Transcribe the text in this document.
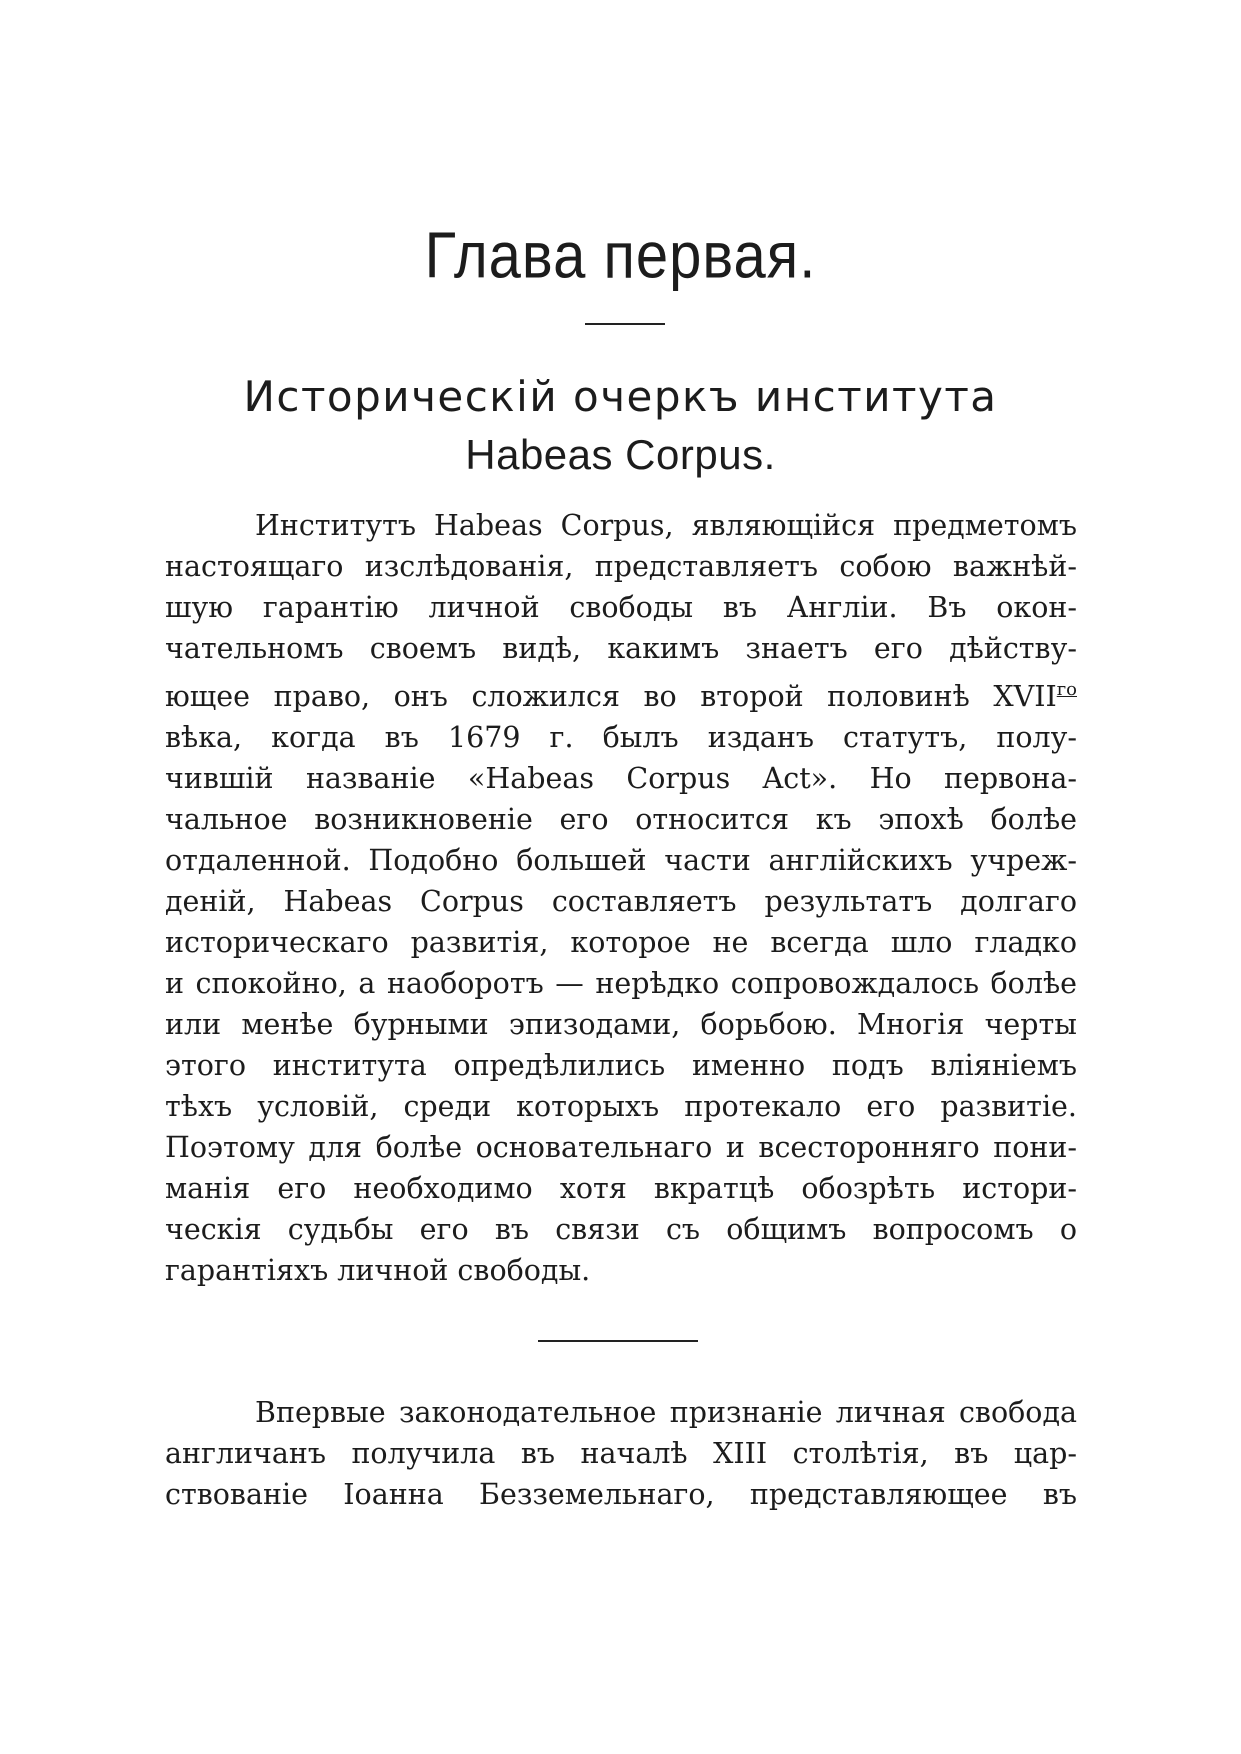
Глава первая.
Историческій очеркъ института
Habeas Corpus.
Институтъ Habeas Corpus, являющійся предметомъ
настоящаго изслѣдованія, представляетъ собою важнѣй-
шую гарантію личной свободы въ Англіи. Въ окон-
чательномъ своемъ видѣ, какимъ знаетъ его дѣйству-
ющее право, онъ сложился во второй половинѣ $XVII^{го}$
вѣка, когда въ 1679 г. былъ изданъ статутъ, полу-
чившій названіе «Habeas Corpus Act». Но первона-
чальное возникновеніе его относится къ эпохѣ болѣе
отдаленной. Подобно большей части англійскихъ учреж-
деній, Habeas Corpus составляетъ результатъ долгаго
историческаго развитія, которое не всегда шло гладко
и спокойно, а наоборотъ — нерѣдко сопровождалось болѣе
или менѣе бурными эпизодами, борьбою. Многія черты
этого института опредѣлились именно подъ вліяніемъ
тѣхъ условій, среди которыхъ протекало его развитіе.
Поэтому для болѣе основательнаго и всесторонняго пони-
манія его необходимо хотя вкратцѣ обозрѣть истори-
ческія судьбы его въ связи съ общимъ вопросомъ о
гарантіяхъ личной свободы.
Впервые законодательное признаніе личная свобода
англичанъ получила въ началѣ XIII столѣтія, въ цар-
ствованіе Іоанна Безземельнаго, представляющее въ
